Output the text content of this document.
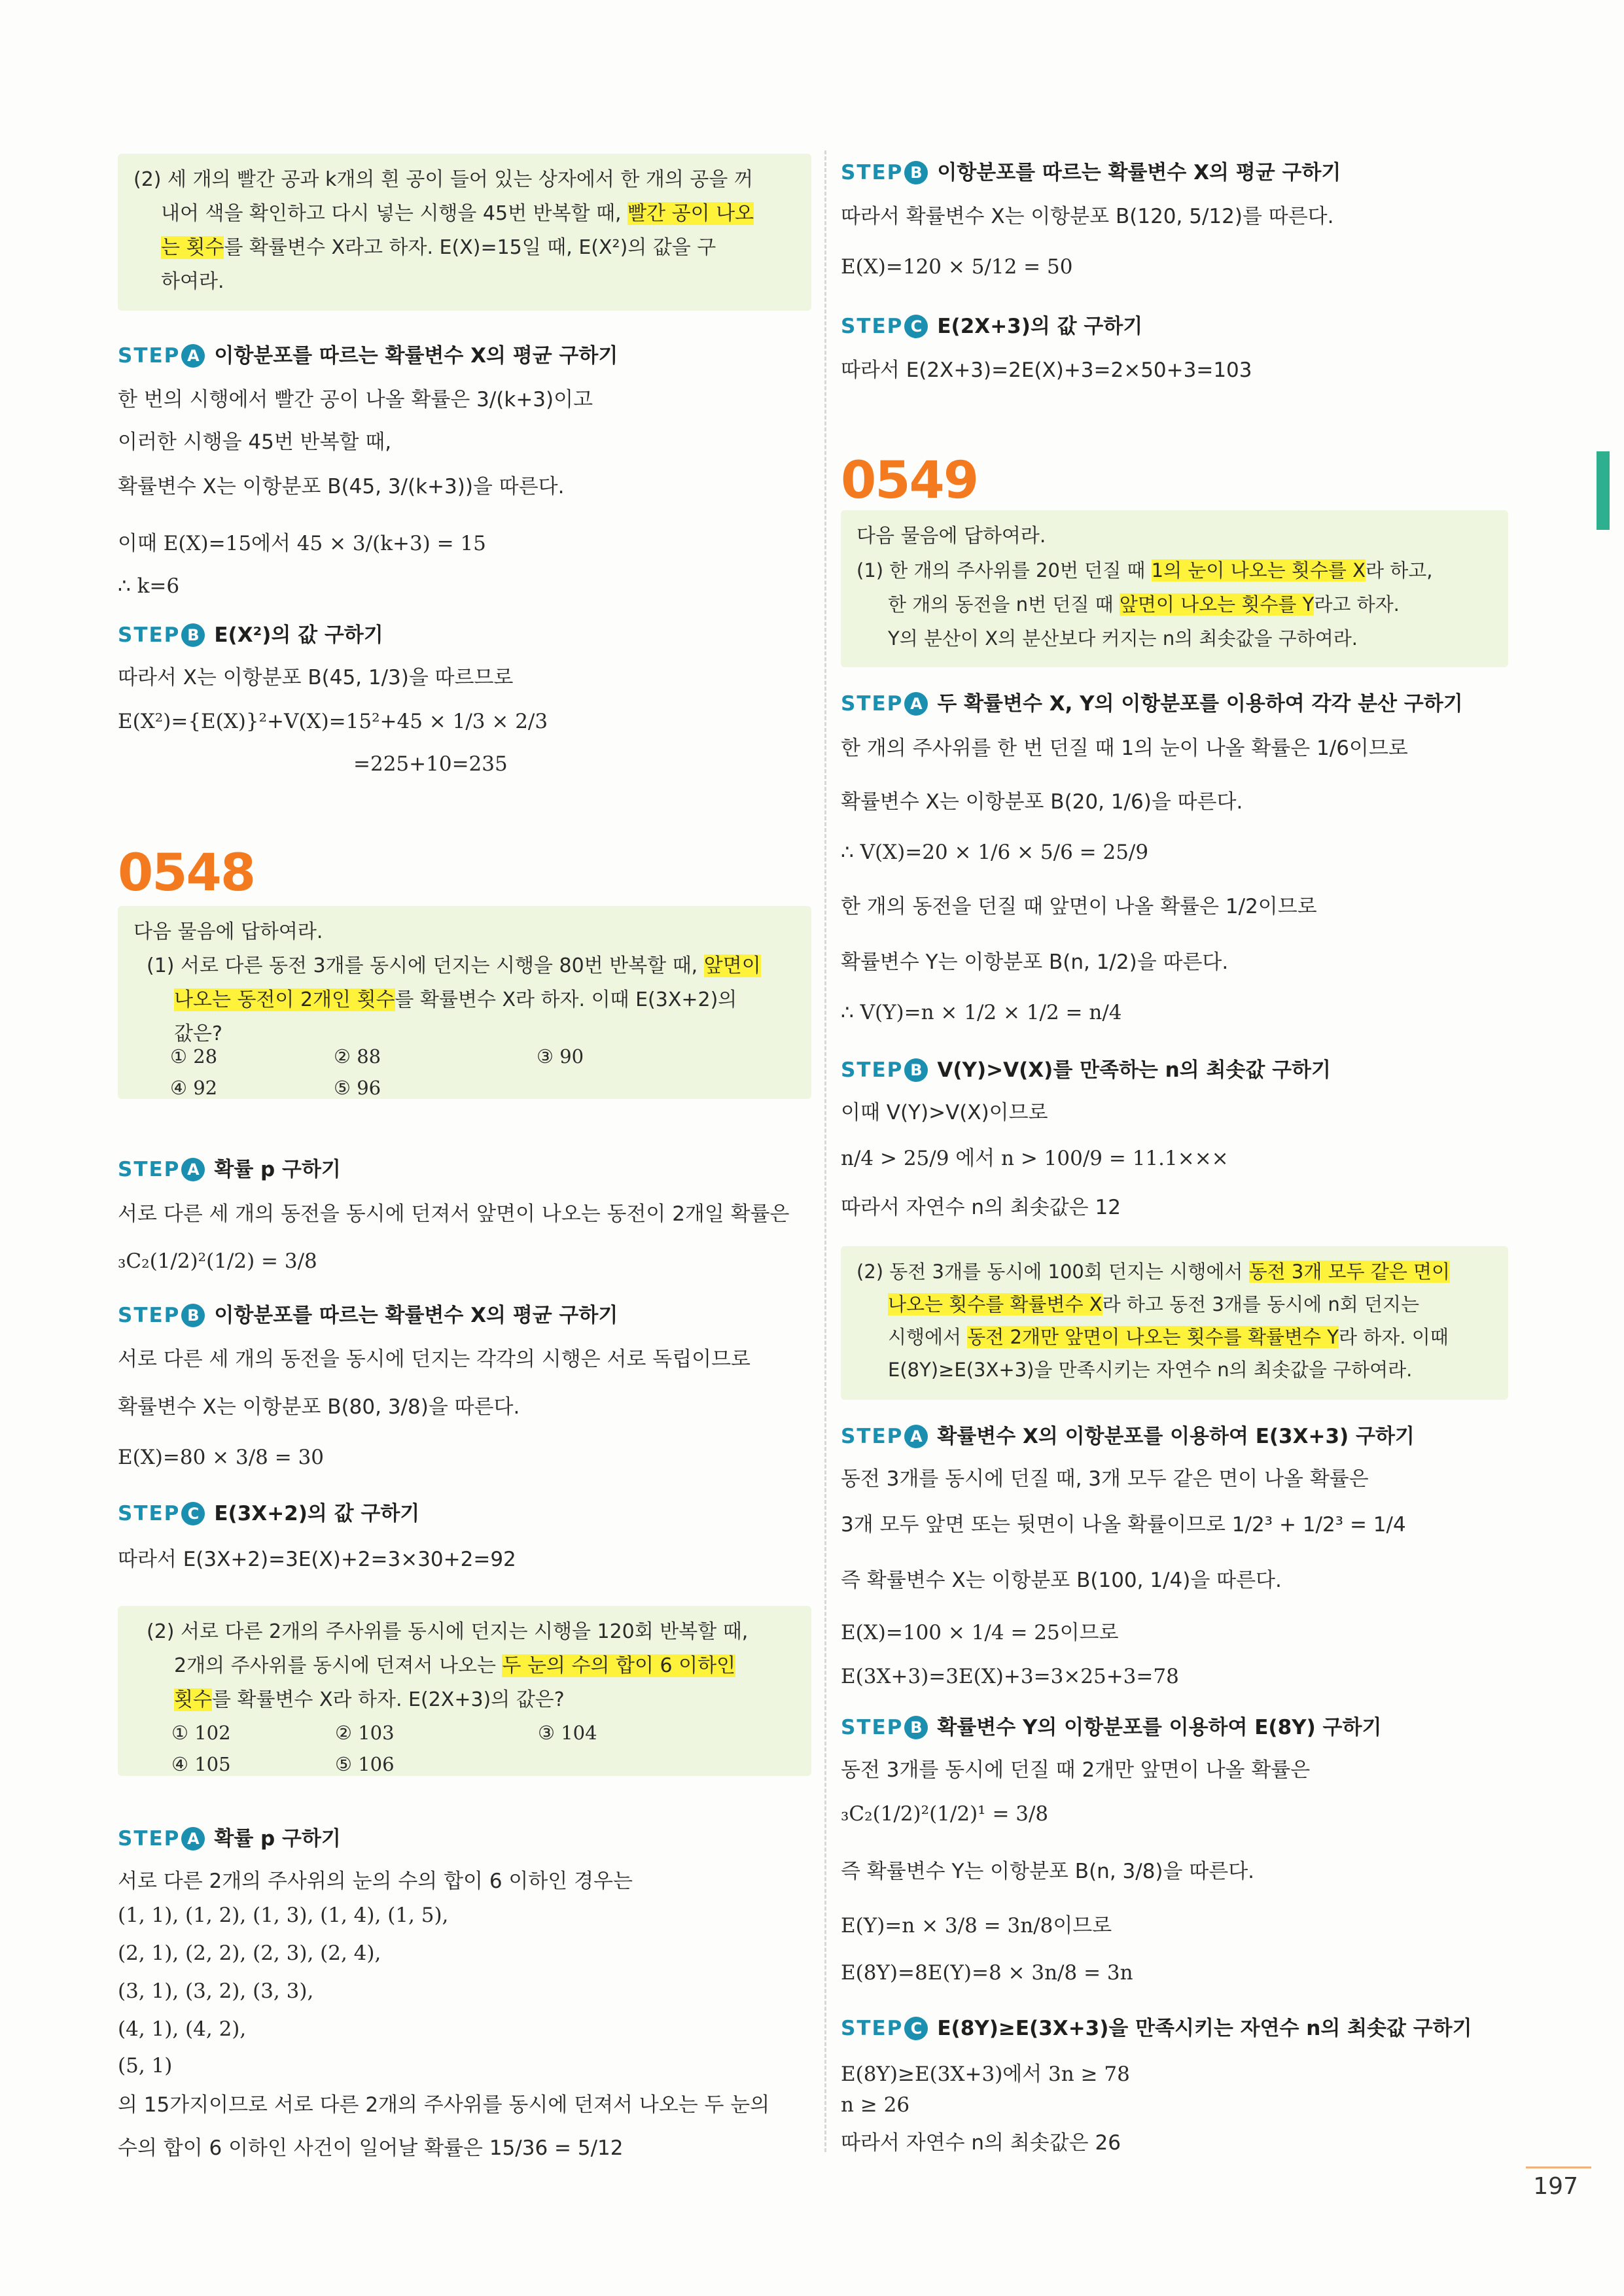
(2) 세 개의 빨간 공과 k개의 흰 공이 들어 있는 상자에서 한 개의 공을 꺼
내어 색을 확인하고 다시 넣는 시행을 45번 반복할 때, 빨간 공이 나오
는 횟수를 확률변수 X라고 하자. E(X)=15일 때, E(X²)의 값을 구
하여라.
STEP A 이항분포를 따르는 확률변수 X의 평균 구하기
한 번의 시행에서 빨간 공이 나올 확률은 3/(k+3)이고
이러한 시행을 45번 반복할 때,
확률변수 X는 이항분포 B(45, 3/(k+3))을 따른다.
이때 E(X)=15에서 45 × 3/(k+3) = 15
∴ k=6
STEP B E(X²)의 값 구하기
따라서 X는 이항분포 B(45, 1/3)을 따르므로
E(X²)={E(X)}²+V(X)=15²+45 × 1/3 × 2/3
=225+10=235
0548
다음 물음에 답하여라.
(1) 서로 다른 동전 3개를 동시에 던지는 시행을 80번 반복할 때, 앞면이
나오는 동전이 2개인 횟수를 확률변수 X라 하자. 이때 E(3X+2)의
값은?
① 28	② 88	③ 90
④ 92	⑤ 96
STEP A 확률 p 구하기
서로 다른 세 개의 동전을 동시에 던져서 앞면이 나오는 동전이 2개일 확률은
₃C₂(1/2)²(1/2) = 3/8
STEP B 이항분포를 따르는 확률변수 X의 평균 구하기
서로 다른 세 개의 동전을 동시에 던지는 각각의 시행은 서로 독립이므로
확률변수 X는 이항분포 B(80, 3/8)을 따른다.
E(X)=80 × 3/8 = 30
STEP C E(3X+2)의 값 구하기
따라서 E(3X+2)=3E(X)+2=3×30+2=92
(2) 서로 다른 2개의 주사위를 동시에 던지는 시행을 120회 반복할 때,
2개의 주사위를 동시에 던져서 나오는 두 눈의 수의 합이 6 이하인
횟수를 확률변수 X라 하자. E(2X+3)의 값은?
① 102	② 103	③ 104
④ 105	⑤ 106
STEP A 확률 p 구하기
서로 다른 2개의 주사위의 눈의 수의 합이 6 이하인 경우는
(1, 1), (1, 2), (1, 3), (1, 4), (1, 5),
(2, 1), (2, 2), (2, 3), (2, 4),
(3, 1), (3, 2), (3, 3),
(4, 1), (4, 2),
(5, 1)
의 15가지이므로 서로 다른 2개의 주사위를 동시에 던져서 나오는 두 눈의
수의 합이 6 이하인 사건이 일어날 확률은 15/36 = 5/12
STEP B 이항분포를 따르는 확률변수 X의 평균 구하기
따라서 확률변수 X는 이항분포 B(120, 5/12)를 따른다.
E(X)=120 × 5/12 = 50
STEP C E(2X+3)의 값 구하기
따라서 E(2X+3)=2E(X)+3=2×50+3=103
0549
다음 물음에 답하여라.
(1) 한 개의 주사위를 20번 던질 때 1의 눈이 나오는 횟수를 X라 하고,
한 개의 동전을 n번 던질 때 앞면이 나오는 횟수를 Y라고 하자.
Y의 분산이 X의 분산보다 커지는 n의 최솟값을 구하여라.
STEP A 두 확률변수 X, Y의 이항분포를 이용하여 각각 분산 구하기
한 개의 주사위를 한 번 던질 때 1의 눈이 나올 확률은 1/6이므로
확률변수 X는 이항분포 B(20, 1/6)을 따른다.
∴ V(X)=20 × 1/6 × 5/6 = 25/9
한 개의 동전을 던질 때 앞면이 나올 확률은 1/2이므로
확률변수 Y는 이항분포 B(n, 1/2)을 따른다.
∴ V(Y)=n × 1/2 × 1/2 = n/4
STEP B V(Y)>V(X)를 만족하는 n의 최솟값 구하기
이때 V(Y)>V(X)이므로
n/4 > 25/9 에서 n > 100/9 = 11.1×××
따라서 자연수 n의 최솟값은 12
(2) 동전 3개를 동시에 100회 던지는 시행에서 동전 3개 모두 같은 면이
나오는 횟수를 확률변수 X라 하고 동전 3개를 동시에 n회 던지는
시행에서 동전 2개만 앞면이 나오는 횟수를 확률변수 Y라 하자. 이때
E(8Y)≥E(3X+3)을 만족시키는 자연수 n의 최솟값을 구하여라.
STEP A 확률변수 X의 이항분포를 이용하여 E(3X+3) 구하기
동전 3개를 동시에 던질 때, 3개 모두 같은 면이 나올 확률은
3개 모두 앞면 또는 뒷면이 나올 확률이므로 1/2³ + 1/2³ = 1/4
즉 확률변수 X는 이항분포 B(100, 1/4)을 따른다.
E(X)=100 × 1/4 = 25이므로
E(3X+3)=3E(X)+3=3×25+3=78
STEP B 확률변수 Y의 이항분포를 이용하여 E(8Y) 구하기
동전 3개를 동시에 던질 때 2개만 앞면이 나올 확률은
₃C₂(1/2)²(1/2)¹ = 3/8
즉 확률변수 Y는 이항분포 B(n, 3/8)을 따른다.
E(Y)=n × 3/8 = 3n/8이므로
E(8Y)=8E(Y)=8 × 3n/8 = 3n
STEP C E(8Y)≥E(3X+3)을 만족시키는 자연수 n의 최솟값 구하기
E(8Y)≥E(3X+3)에서 3n ≥ 78
n ≥ 26
따라서 자연수 n의 최솟값은 26
197
